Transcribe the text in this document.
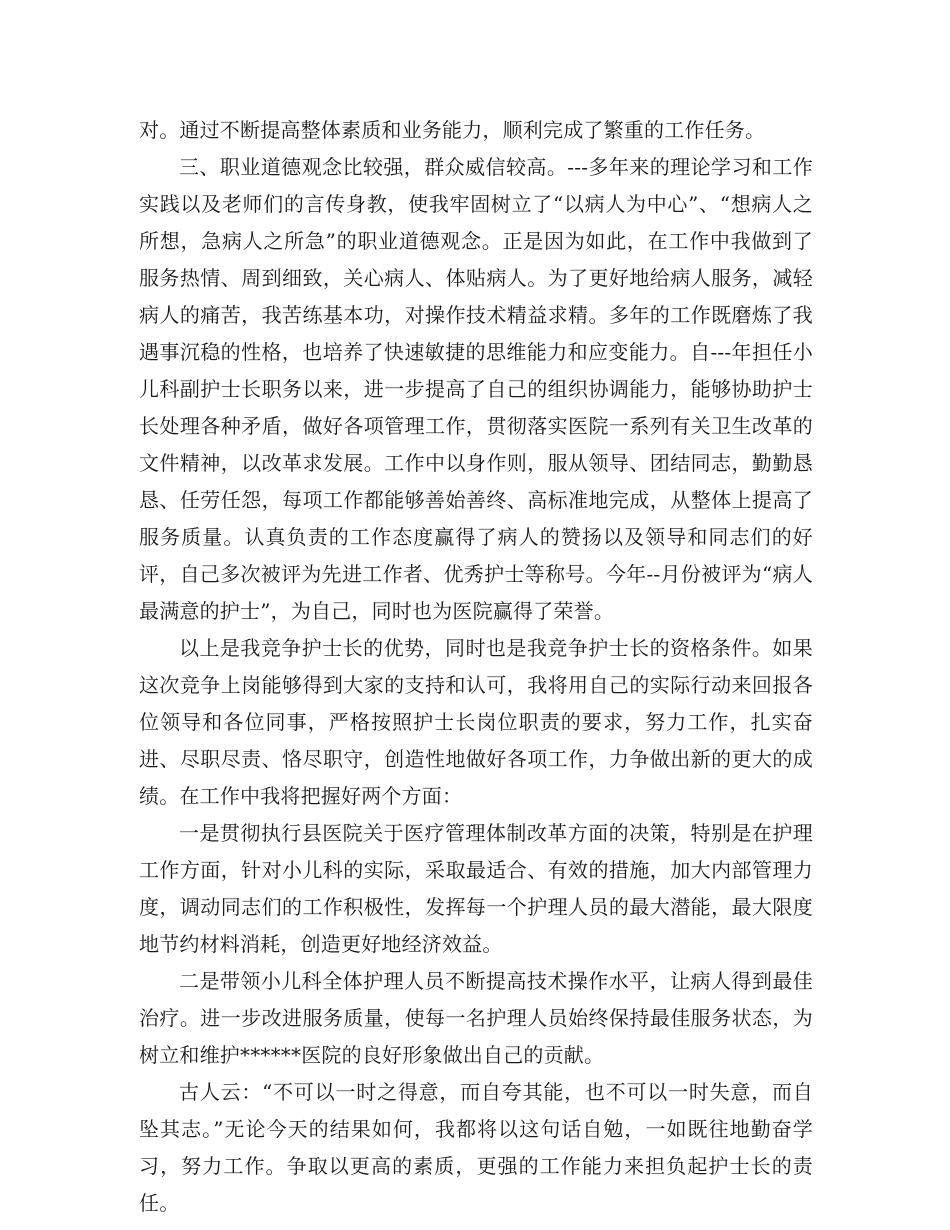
对。通过不断提高整体素质和业务能力，顺利完成了繁重的工作任务。

三、职业道德观念比较强，群众威信较高。---多年来的理论学习和工作实践以及老师们的言传身教，使我牢固树立了“以病人为中心”、“想病人之所想，急病人之所急”的职业道德观念。正是因为如此，在工作中我做到了服务热情、周到细致，关心病人、体贴病人。为了更好地给病人服务，减轻病人的痛苦，我苦练基本功，对操作技术精益求精。多年的工作既磨炼了我遇事沉稳的性格，也培养了快速敏捷的思维能力和应变能力。自---年担任小儿科副护士长职务以来，进一步提高了自己的组织协调能力，能够协助护士长处理各种矛盾，做好各项管理工作，贯彻落实医院一系列有关卫生改革的文件精神，以改革求发展。工作中以身作则，服从领导、团结同志，勤勤恳恳、任劳任怨，每项工作都能够善始善终、高标准地完成，从整体上提高了服务质量。认真负责的工作态度赢得了病人的赞扬以及领导和同志们的好评，自己多次被评为先进工作者、优秀护士等称号。今年--月份被评为“病人最满意的护士”，为自己，同时也为医院赢得了荣誉。

以上是我竞争护士长的优势，同时也是我竞争护士长的资格条件。如果这次竞争上岗能够得到大家的支持和认可，我将用自己的实际行动来回报各位领导和各位同事，严格按照护士长岗位职责的要求，努力工作，扎实奋进、尽职尽责、恪尽职守，创造性地做好各项工作，力争做出新的更大的成绩。在工作中我将把握好两个方面：

一是贯彻执行县医院关于医疗管理体制改革方面的决策，特别是在护理工作方面，针对小儿科的实际，采取最适合、有效的措施，加大内部管理力度，调动同志们的工作积极性，发挥每一个护理人员的最大潜能，最大限度地节约材料消耗，创造更好地经济效益。

二是带领小儿科全体护理人员不断提高技术操作水平，让病人得到最佳治疗。进一步改进服务质量，使每一名护理人员始终保持最佳服务状态，为树立和维护******医院的良好形象做出自己的贡献。

古人云：“不可以一时之得意，而自夸其能，也不可以一时失意，而自坠其志。”无论今天的结果如何，我都将以这句话自勉，一如既往地勤奋学习，努力工作。争取以更高的素质，更强的工作能力来担负起护士长的责任。
